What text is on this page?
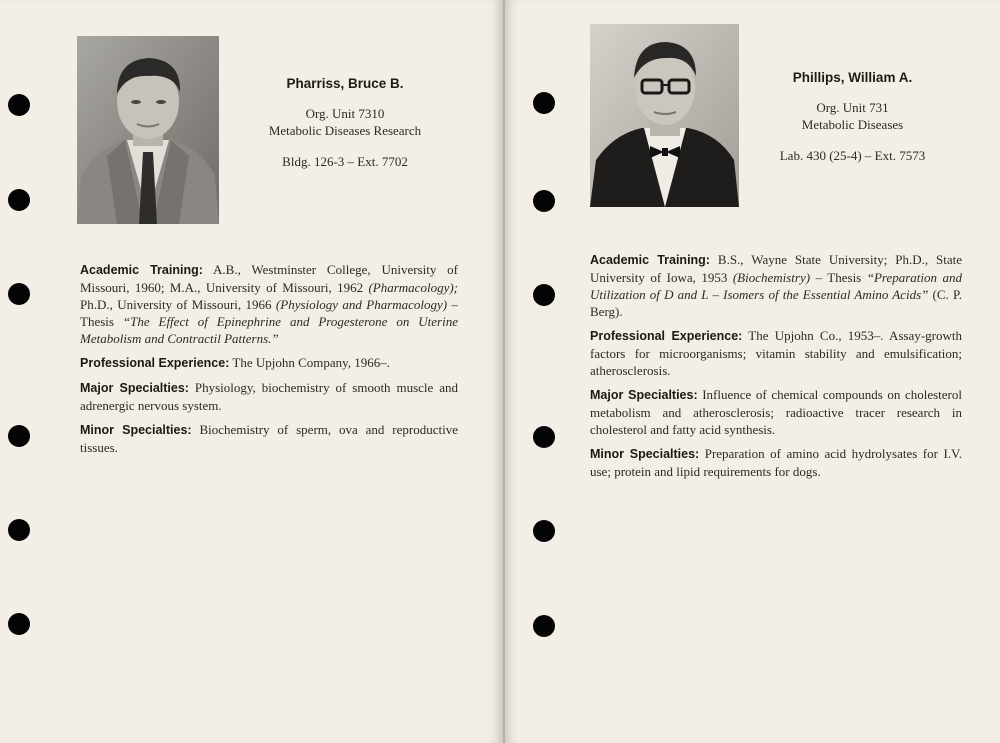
Pharriss, Bruce B.
Org. Unit 7310
Metabolic Diseases Research
Bldg. 126-3 – Ext. 7702

Academic Training: A.B., Westminster College, University of Missouri, 1960; M.A., University of Missouri, 1962 (Pharmacology); Ph.D., University of Missouri, 1966 (Physiology and Pharmacology) –Thesis “The Effect of Epinephrine and Progesterone on Uterine Metabolism and Contractil Patterns.”

Professional Experience: The Upjohn Company, 1966–.

Major Specialties: Physiology, biochemistry of smooth muscle and adrenergic nervous system.

Minor Specialties: Biochemistry of sperm, ova and reproductive tissues.

Phillips, William A.
Org. Unit 731
Metabolic Diseases
Lab. 430 (25-4) – Ext. 7573

Academic Training: B.S., Wayne State University; Ph.D., State University of Iowa, 1953 (Biochemistry) – Thesis “Preparation and Utilization of D and L – Isomers of the Essential Amino Acids” (C. P. Berg).

Professional Experience: The Upjohn Co., 1953–. Assay-growth factors for microorganisms; vitamin stability and emulsification; atherosclerosis.

Major Specialties: Influence of chemical compounds on cholesterol metabolism and atherosclerosis; radioactive tracer research in cholesterol and fatty acid synthesis.

Minor Specialties: Preparation of amino acid hydrolysates for I.V. use; protein and lipid requirements for dogs.
